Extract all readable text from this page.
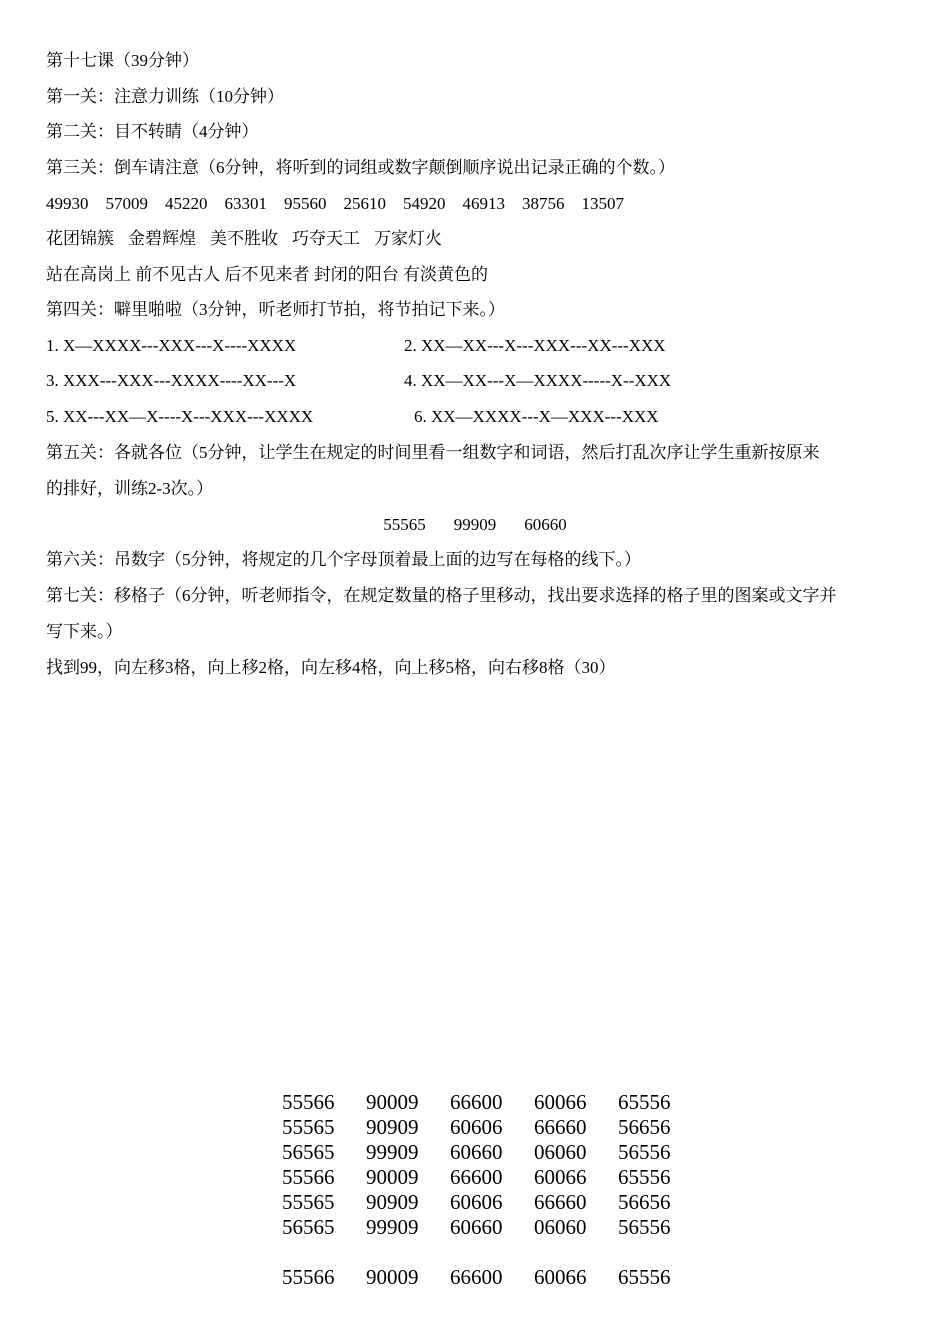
第十七课（39分钟）
第一关：注意力训练（10分钟）
第二关：目不转睛（4分钟）
第三关：倒车请注意（6分钟，将听到的词组或数字颠倒顺序说出记录正确的个数。）
49930 57009 45220 63301 95560 25610 54920 46913 38756 13507
花团锦簇 金碧辉煌 美不胜收 巧夺天工 万家灯火
站在高岗上 前不见古人 后不见来者 封闭的阳台 有淡黄色的
第四关：噼里啪啦（3分钟，听老师打节拍，将节拍记下来。）
1. X—XXXX---XXX---X----XXXX	2. XX—XX---X---XXX---XX---XXX
3. XXX---XXX---XXXX----XX---X	4. XX—XX---X—XXXX-----X--XXX
5. XX---XX—X----X---XXX---XXXX	6. XX—XXXX---X—XXX---XXX
第五关：各就各位（5分钟，让学生在规定的时间里看一组数字和词语，然后打乱次序让学生重新按原来
的排好，训练2-3次。）
55565 99909 60660
第六关：吊数字（5分钟，将规定的几个字母顶着最上面的边写在每格的线下。）
第七关：移格子（6分钟，听老师指令，在规定数量的格子里移动，找出要求选择的格子里的图案或文字并
写下来。）
找到99，向左移3格，向上移2格，向左移4格，向上移5格，向右移8格（30）
55566	90009	66600	60066	65556
55565	90909	60606	66660	56656
56565	99909	60660	06060	56556
55566	90009	66600	60066	65556
55565	90909	60606	66660	56656
56565	99909	60660	06060	56556
55566	90009	66600	60066	65556
